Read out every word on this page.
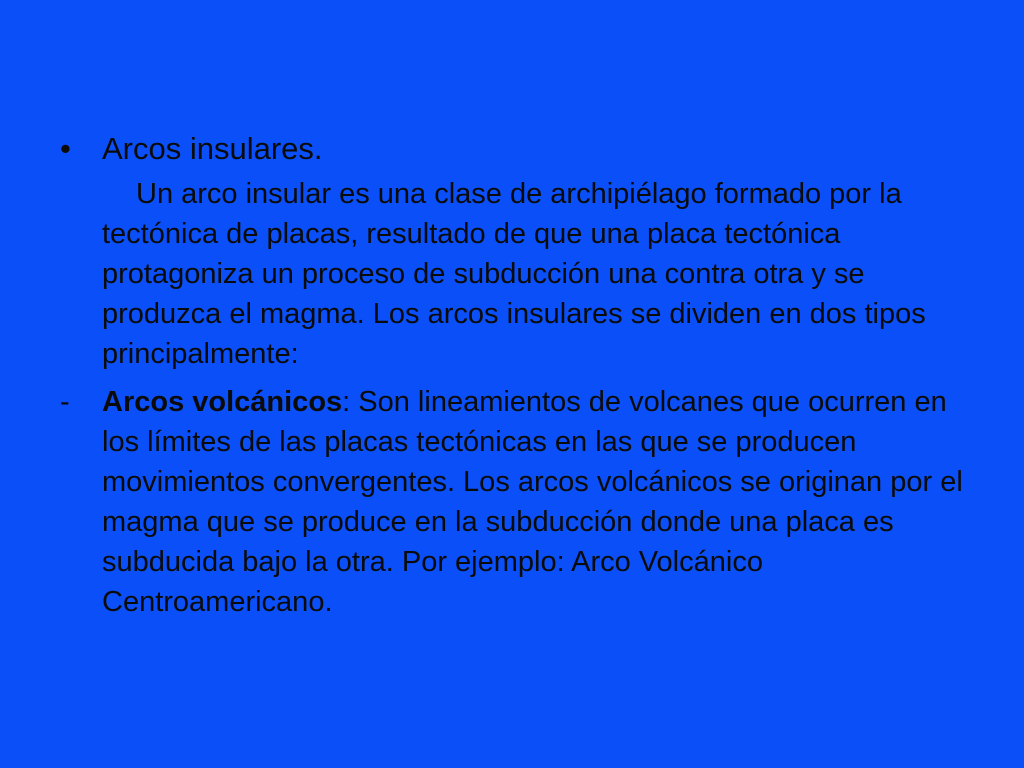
•	Arcos insulares.

Un arco insular es una clase de archipiélago formado por la tectónica de placas, resultado de que una placa tectónica protagoniza un proceso de subducción una contra otra y se produzca el magma. Los arcos insulares se dividen en dos tipos principalmente:

-	Arcos volcánicos: Son lineamientos de volcanes que ocurren en los límites de las placas tectónicas en las que se producen movimientos convergentes. Los arcos volcánicos se originan por el magma que se produce en la subducción donde una placa es subducida bajo la otra. Por ejemplo: Arco Volcánico Centroamericano.
